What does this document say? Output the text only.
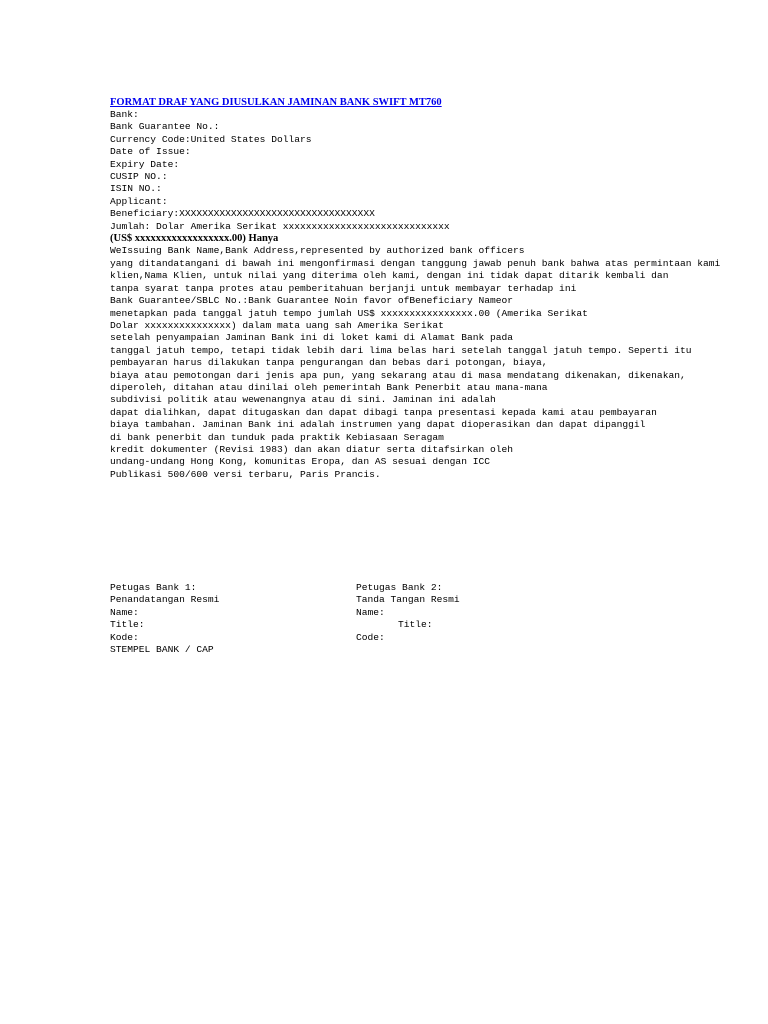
FORMAT DRAF YANG DIUSULKAN JAMINAN BANK SWIFT MT760
Bank:
Bank Guarantee No.:
Currency Code:United States Dollars
Date of Issue:
Expiry Date:
CUSIP NO.:
ISIN NO.:
Applicant:
Beneficiary:XXXXXXXXXXXXXXXXXXXXXXXXXXXXXXXXXX
Jumlah: Dolar Amerika Serikat xxxxxxxxxxxxxxxxxxxxxxxxxxxxx
(US$ xxxxxxxxxxxxxxxxxx.00) Hanya
WeIssuing Bank Name,Bank Address,represented by authorized bank officers
yang ditandatangani di bawah ini mengonfirmasi dengan tanggung jawab penuh bank bahwa atas permintaan kami
klien,Nama Klien, untuk nilai yang diterima oleh kami, dengan ini tidak dapat ditarik kembali dan
tanpa syarat tanpa protes atau pemberitahuan berjanji untuk membayar terhadap ini
Bank Guarantee/SBLC No.:Bank Guarantee Noin favor ofBeneficiary Nameor
menetapkan pada tanggal jatuh tempo jumlah US$ xxxxxxxxxxxxxxxx.00 (Amerika Serikat
Dolar xxxxxxxxxxxxxxx) dalam mata uang sah Amerika Serikat
setelah penyampaian Jaminan Bank ini di loket kami di Alamat Bank pada
tanggal jatuh tempo, tetapi tidak lebih dari lima belas hari setelah tanggal jatuh tempo. Seperti itu
pembayaran harus dilakukan tanpa pengurangan dan bebas dari potongan, biaya,
biaya atau pemotongan dari jenis apa pun, yang sekarang atau di masa mendatang dikenakan, dikenakan,
diperoleh, ditahan atau dinilai oleh pemerintah Bank Penerbit atau mana-mana
subdivisi politik atau wewenangnya atau di sini. Jaminan ini adalah
dapat dialihkan, dapat ditugaskan dan dapat dibagi tanpa presentasi kepada kami atau pembayaran
biaya tambahan. Jaminan Bank ini adalah instrumen yang dapat dioperasikan dan dapat dipanggil
di bank penerbit dan tunduk pada praktik Kebiasaan Seragam
kredit dokumenter (Revisi 1983) dan akan diatur serta ditafsirkan oleh
undang-undang Hong Kong, komunitas Eropa, dan AS sesuai dengan ICC
Publikasi 500/600 versi terbaru, Paris Prancis.
Petugas Bank 1:	Petugas Bank 2:
Penandatangan Resmi	Tanda Tangan Resmi
Name:	Name:
Title:	Title:
Kode:	Code:
STEMPEL BANK / CAP
